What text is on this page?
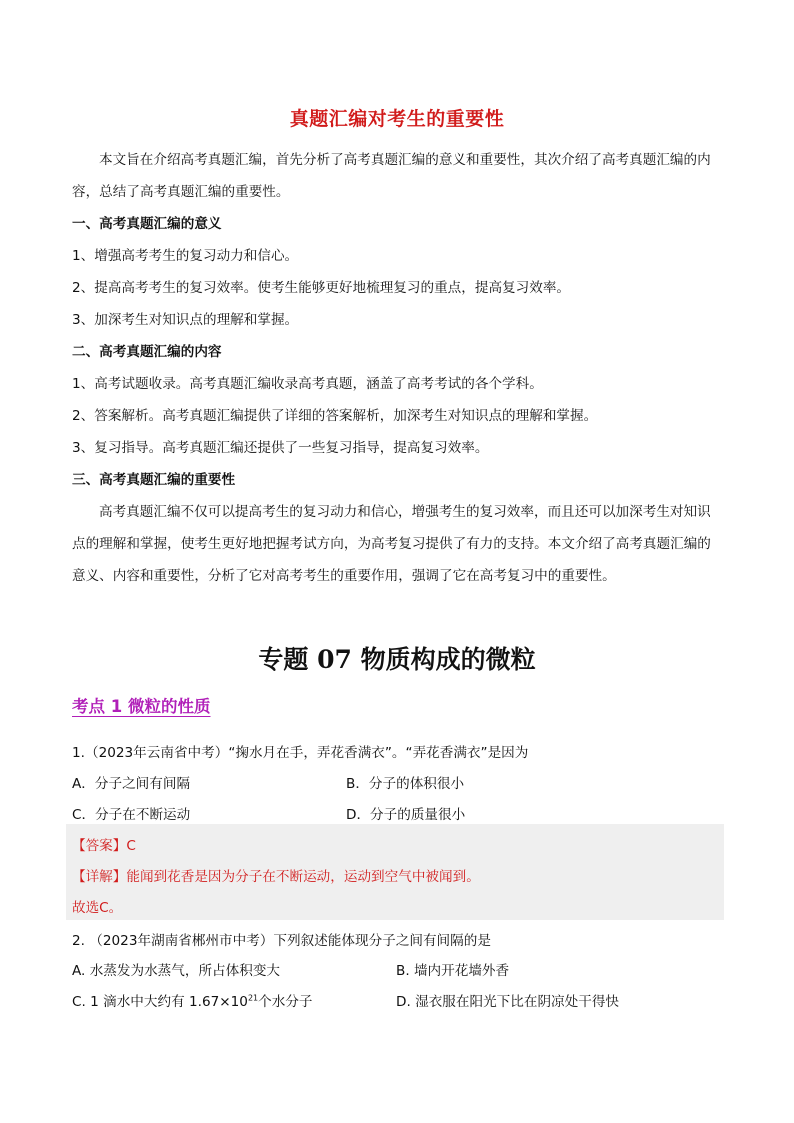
真题汇编对考生的重要性
本文旨在介绍高考真题汇编，首先分析了高考真题汇编的意义和重要性，其次介绍了高考真题汇编的内容，总结了高考真题汇编的重要性。
一、高考真题汇编的意义
1、增强高考考生的复习动力和信心。
2、提高高考考生的复习效率。使考生能够更好地梳理复习的重点，提高复习效率。
3、加深考生对知识点的理解和掌握。
二、高考真题汇编的内容
1、高考试题收录。高考真题汇编收录高考真题，涵盖了高考考试的各个学科。
2、答案解析。高考真题汇编提供了详细的答案解析，加深考生对知识点的理解和掌握。
3、复习指导。高考真题汇编还提供了一些复习指导，提高复习效率。
三、高考真题汇编的重要性
高考真题汇编不仅可以提高考生的复习动力和信心，增强考生的复习效率，而且还可以加深考生对知识点的理解和掌握，使考生更好地把握考试方向，为高考复习提供了有力的支持。本文介绍了高考真题汇编的意义、内容和重要性，分析了它对高考考生的重要作用，强调了它在高考复习中的重要性。
专题 07 物质构成的微粒
考点 1 微粒的性质
1.（2023年云南省中考）“掬水月在手，弄花香满衣”。“弄花香满衣”是因为
A．分子之间有间隔	B．分子的体积很小
C．分子在不断运动	D．分子的质量很小
【答案】C
【详解】能闻到花香是因为分子在不断运动，运动到空气中被闻到。
故选C。
2. （2023年湖南省郴州市中考）下列叙述能体现分子之间有间隔的是
A. 水蒸发为水蒸气，所占体积变大	B. 墙内开花墙外香
C. 1 滴水中大约有 $1.67\times 10^{21}$个水分子	D. 湿衣服在阳光下比在阴凉处干得快
